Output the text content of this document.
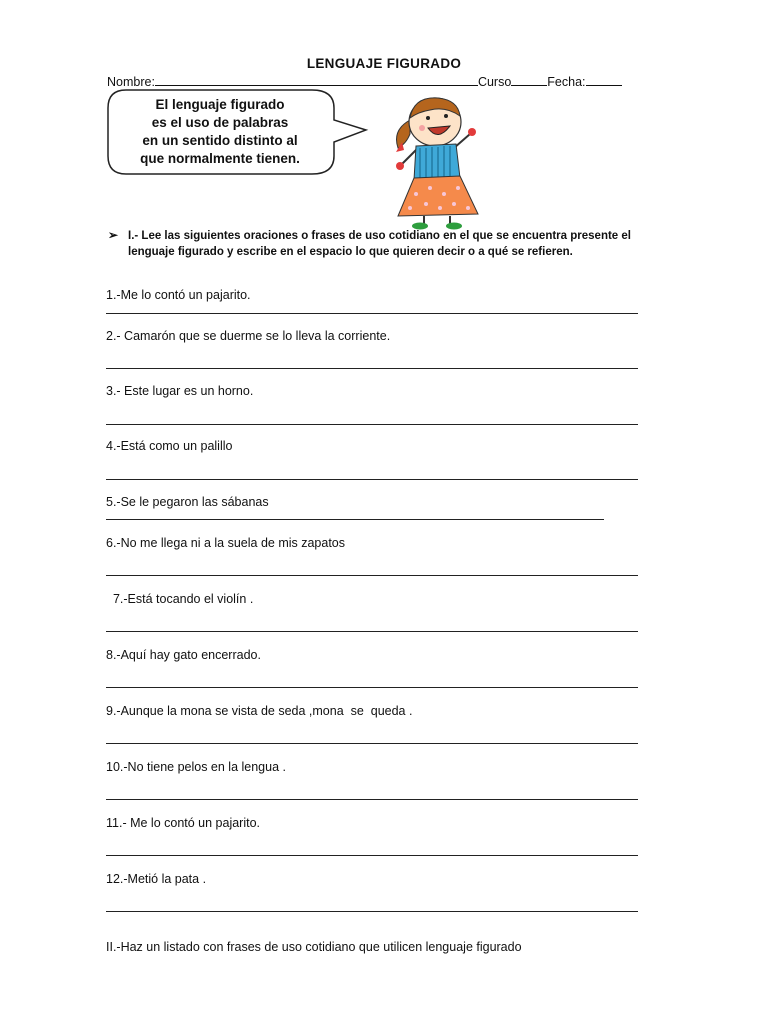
LENGUAJE FIGURADO
Nombre:	Curso	Fecha:
El lenguaje figurado
es el uso de palabras
en un sentido distinto al
que normalmente tienen.
➢ I.- Lee las siguientes oraciones o frases de uso cotidiano en el que se encuentra presente el lenguaje figurado y escribe en el espacio lo que quieren decir o a qué se refieren.
1.-Me lo contó un pajarito.
2.- Camarón que se duerme se lo lleva la corriente.
3.- Este lugar es un horno.
4.-Está como un palillo
5.-Se le pegaron las sábanas
6.-No me llega ni a la suela de mis zapatos
7.-Está tocando el violín .
8.-Aquí hay gato encerrado.
9.-Aunque la mona se vista de seda ,mona  se  queda .
10.-No tiene pelos en la lengua .
11.- Me lo contó un pajarito.
12.-Metió la pata .
II.-Haz un listado con frases de uso cotidiano que utilicen lenguaje figurado
